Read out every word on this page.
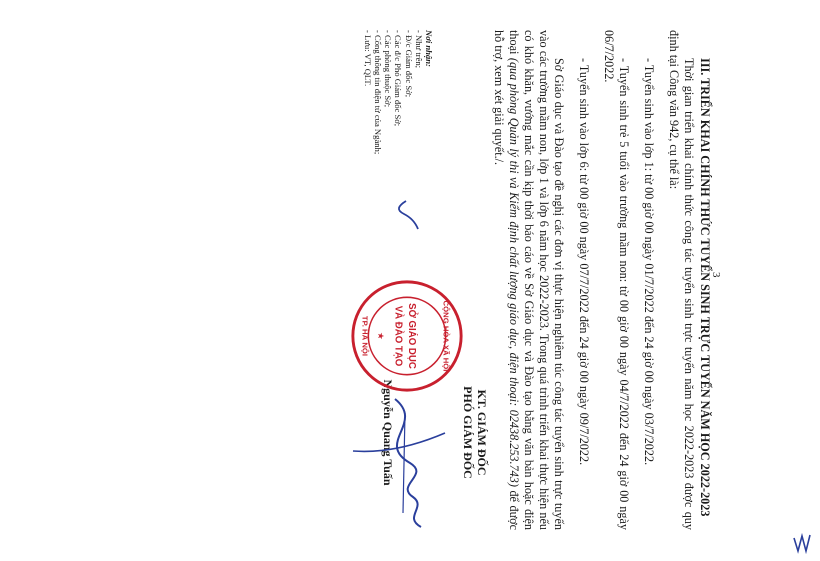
3

III. TRIỂN KHAI CHÍNH THỨC TUYỂN SINH TRỰC TUYẾN NĂM HỌC 2022-2023

Thời gian triển khai chính thức công tác tuyển sinh trực tuyến năm học 2022-2023 được quy định tại Công văn 942, cụ thể là:

- Tuyển sinh vào lớp 1: từ 00 giờ 00 ngày 01/7/2022 đến 24 giờ 00 ngày 03/7/2022.

- Tuyển sinh trẻ 5 tuổi vào trường mầm non: từ 00 giờ 00 ngày 04/7/2022 đến 24 giờ 00 ngày 06/7/2022.

- Tuyển sinh vào lớp 6: từ 00 giờ 00 ngày 07/7/2022 đến 24 giờ 00 ngày 09/7/2022.

Sở Giáo dục và Đào tạo đề nghị các đơn vị thực hiện nghiêm túc công tác tuyển sinh trực tuyến vào các trường mầm non, lớp 1 và lớp 6 năm học 2022-2023. Trong quá trình triển khai thực hiện nếu có khó khăn, vướng mắc cần kịp thời báo cáo về Sở Giáo dục và Đào tạo bằng văn bản hoặc điện thoại (qua phòng Quản lý thi và Kiểm định chất lượng giáo dục, điện thoại: 02438.253.743) để được hỗ trợ, xem xét giải quyết./.

Nơi nhận:
- Như trên;
- Đ/c Giám đốc Sở;
- Các đ/c Phó Giám đốc Sở;
- Các phòng thuộc Sở;
- Cổng thông tin điện tử của Ngành;
- Lưu: VT, QLT.
KT. GIÁM ĐỐC
PHÓ GIÁM ĐỐC
Nguyễn Quang Tuấn
CỘNG HÒA XÃ HỘI
TP. HÀ NỘI	SỞ GIÁO DỤC
VÀ ĐÀO TẠO
★
